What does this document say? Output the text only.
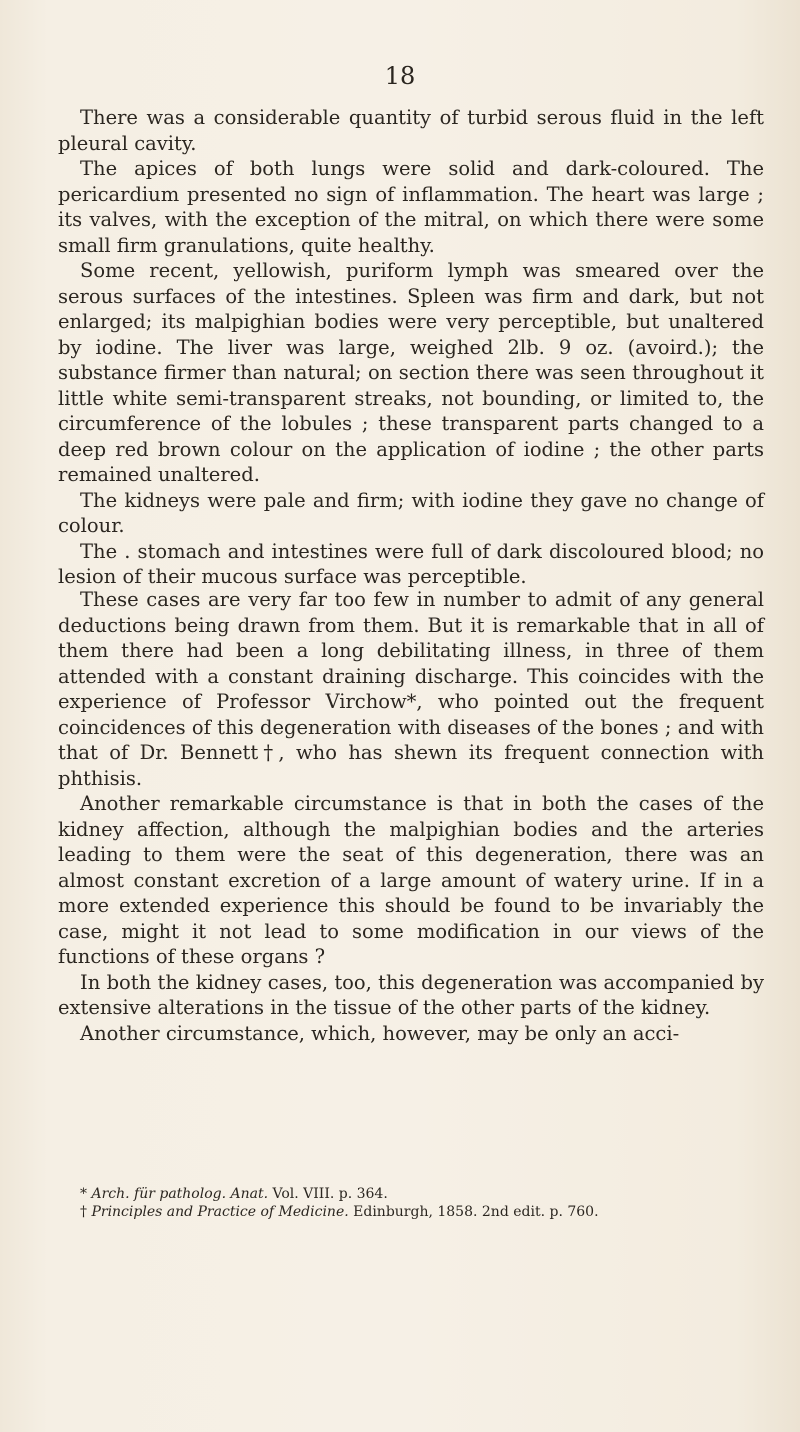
18

There was a considerable quantity of turbid serous fluid in the left pleural cavity.

The apices of both lungs were solid and dark-coloured. The pericardium presented no sign of inflammation. The heart was large ; its valves, with the exception of the mitral, on which there were some small firm granulations, quite healthy.

Some recent, yellowish, puriform lymph was smeared over the serous surfaces of the intestines. Spleen was firm and dark, but not enlarged; its malpighian bodies were very perceptible, but unaltered by iodine. The liver was large, weighed 2lb. 9 oz. (avoird.); the substance firmer than natural; on section there was seen throughout it little white semi-transparent streaks, not bounding, or limited to, the circumference of the lobules ; these transparent parts changed to a deep red brown colour on the application of iodine ; the other parts remained unaltered.

The kidneys were pale and firm; with iodine they gave no change of colour.

The . stomach and intestines were full of dark discoloured blood; no lesion of their mucous surface was perceptible.

These cases are very far too few in number to admit of any general deductions being drawn from them. But it is remarkable that in all of them there had been a long debilitating illness, in three of them attended with a constant draining discharge. This coincides with the experience of Professor Virchow*, who pointed out the frequent coincidences of this degeneration with diseases of the bones ; and with that of Dr. Bennett†, who has shewn its frequent connection with phthisis.

Another remarkable circumstance is that in both the cases of the kidney affection, although the malpighian bodies and the arteries leading to them were the seat of this degeneration, there was an almost constant excretion of a large amount of watery urine. If in a more extended experience this should be found to be invariably the case, might it not lead to some modification in our views of the functions of these organs ?

In both the kidney cases, too, this degeneration was accompanied by extensive alterations in the tissue of the other parts of the kidney.

Another circumstance, which, however, may be only an acci-

* Arch. für patholog. Anat. Vol. VIII. p. 364.
† Principles and Practice of Medicine. Edinburgh, 1858. 2nd edit. p. 760.
